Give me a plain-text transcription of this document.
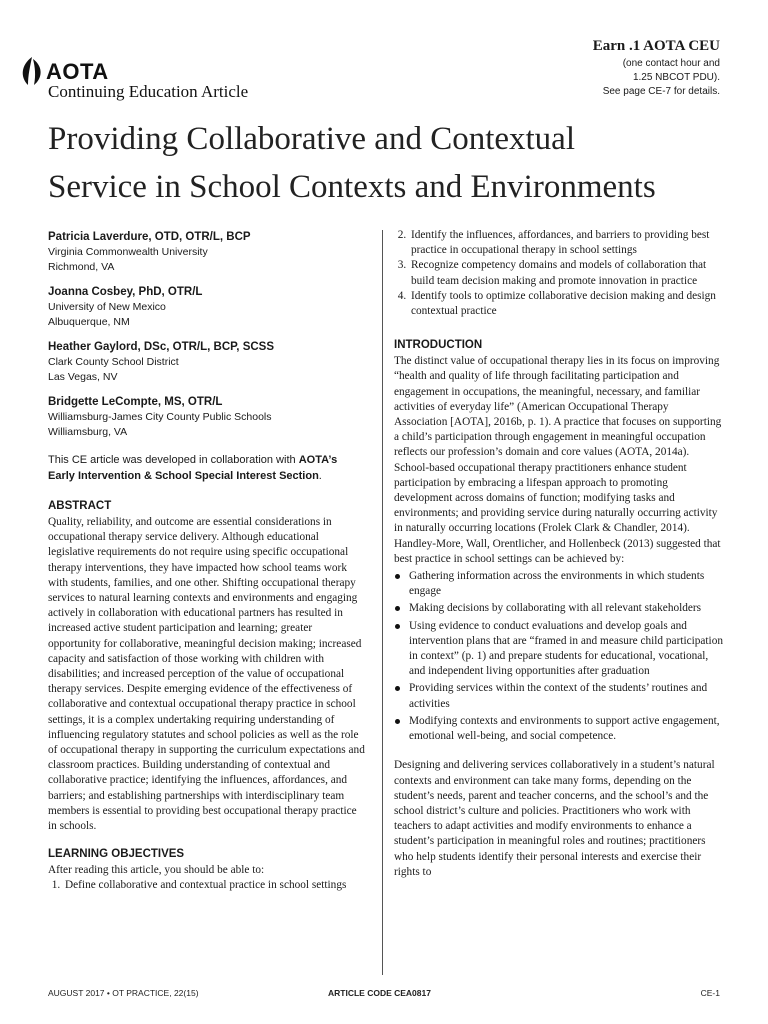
AOTA
Continuing Education Article
Earn .1 AOTA CEU
(one contact hour and
1.25 NBCOT PDU).
See page CE-7 for details.
Providing Collaborative and Contextual
Service in School Contexts and Environments
Patricia Laverdure, OTD, OTR/L, BCP
Virginia Commonwealth University
Richmond, VA
Joanna Cosbey, PhD, OTR/L
University of New Mexico
Albuquerque, NM
Heather Gaylord, DSc, OTR/L, BCP, SCSS
Clark County School District
Las Vegas, NV
Bridgette LeCompte, MS, OTR/L
Williamsburg-James City County Public Schools
Williamsburg, VA
This CE article was developed in collaboration with AOTA’s Early Intervention & School Special Interest Section.
ABSTRACT
Quality, reliability, and outcome are essential considerations in occupational therapy service delivery. Although educational legislative requirements do not require using specific occupational therapy interventions, they have impacted how school teams work with students, families, and one other. Shifting occupational therapy services to natural learning contexts and environments and engaging actively in collaboration with educational partners has resulted in increased active student participation and learning; greater opportunity for collaborative, meaningful decision making; increased capacity and satisfaction of those working with children with disabilities; and increased perception of the value of occupational therapy services. Despite emerging evidence of the effectiveness of collaborative and contextual occupational therapy practice in school settings, it is a complex undertaking requiring understanding of influencing regulatory statutes and school policies as well as the role of occupational therapy in supporting the curriculum expectations and classroom practices. Building understanding of contextual and collaborative practice; identifying the influences, affordances, and barriers; and establishing partnerships with interdisciplinary team members is essential to providing best occupational therapy practice in schools.
LEARNING OBJECTIVES
After reading this article, you should be able to:
1. Define collaborative and contextual practice in school settings
2. Identify the influences, affordances, and barriers to providing best practice in occupational therapy in school settings
3. Recognize competency domains and models of collaboration that build team decision making and promote innovation in practice
4. Identify tools to optimize collaborative decision making and design contextual practice
INTRODUCTION
The distinct value of occupational therapy lies in its focus on improving “health and quality of life through facilitating participation and engagement in occupations, the meaningful, necessary, and familiar activities of everyday life” (American Occupational Therapy Association [AOTA], 2016b, p. 1). A practice that focuses on supporting a child’s participation through engagement in meaningful occupation reflects our profession’s domain and core values (AOTA, 2014a). School-based occupational therapy practitioners enhance student participation by embracing a lifespan approach to promoting development across domains of function; modifying tasks and environments; and providing service during naturally occurring activity in naturally occurring locations (Frolek Clark & Chandler, 2014). Handley-More, Wall, Orentlicher, and Hollenbeck (2013) suggested that best practice in school settings can be achieved by:
Gathering information across the environments in which students engage
Making decisions by collaborating with all relevant stakeholders
Using evidence to conduct evaluations and develop goals and intervention plans that are “framed in and measure child participation in context” (p. 1) and prepare students for educational, vocational, and independent living opportunities after graduation
Providing services within the context of the students’ routines and activities
Modifying contexts and environments to support active engagement, emotional well-being, and social competence.
Designing and delivering services collaboratively in a student’s natural contexts and environment can take many forms, depending on the student’s needs, parent and teacher concerns, and the school’s and the school district’s culture and policies. Practitioners who work with teachers to adapt activities and modify environments to enhance a student’s participation in meaningful roles and routines; practitioners who help students identify their personal interests and exercise their rights to
AUGUST 2017 • OT PRACTICE, 22(15)	ARTICLE CODE CEA0817	CE-1
